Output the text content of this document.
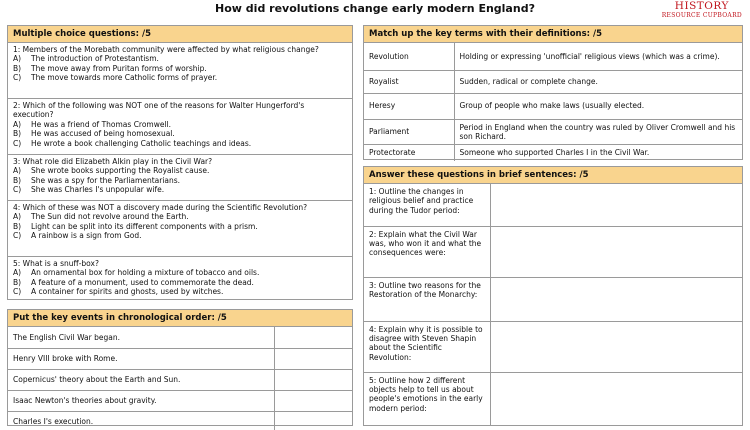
How did revolutions change early modern England?	HISTORY
RESOURCE CUPBOARD
Multiple choice questions: /5
1: Members of the Morebath community were affected by what religious change?
A) The introduction of Protestantism.
B) The move away from Puritan forms of worship.
C) The move towards more Catholic forms of prayer.
2: Which of the following was NOT one of the reasons for Walter Hungerford's execution?
A) He was a friend of Thomas Cromwell.
B) He was accused of being homosexual.
C) He wrote a book challenging Catholic teachings and ideas.
3: What role did Elizabeth Alkin play in the Civil War?
A) She wrote books supporting the Royalist cause.
B) She was a spy for the Parliamentarians.
C) She was Charles I's unpopular wife.
4: Which of these was NOT a discovery made during the Scientific Revolution?
A) The Sun did not revolve around the Earth.
B) Light can be split into its different components with a prism.
C) A rainbow is a sign from God.
5: What is a snuff-box?
A) An ornamental box for holding a mixture of tobacco and oils.
B) A feature of a monument, used to commemorate the dead.
C) A container for spirits and ghosts, used by witches.
Put the key events in chronological order: /5
The English Civil War began.	
Henry VIII broke with Rome.	
Copernicus' theory about the Earth and Sun.	
Isaac Newton's theories about gravity.	
Charles I's execution.	
Match up the key terms with their definitions: /5
Revolution	Holding or expressing 'unofficial' religious views (which was a crime).
Royalist	Sudden, radical or complete change.
Heresy	Group of people who make laws (usually elected.
Parliament	Period in England when the country was ruled by Oliver Cromwell and his son Richard.
Protectorate	Someone who supported Charles I in the Civil War.
Answer these questions in brief sentences: /5
1: Outline the changes in religious belief and practice during the Tudor period:	
2: Explain what the Civil War was, who won it and what the consequences were:	
3: Outline two reasons for the Restoration of the Monarchy:	
4: Explain why it is possible to disagree with Steven Shapin about the Scientific Revolution:	
5: Outline how 2 different objects help to tell us about people's emotions in the early modern period:	
